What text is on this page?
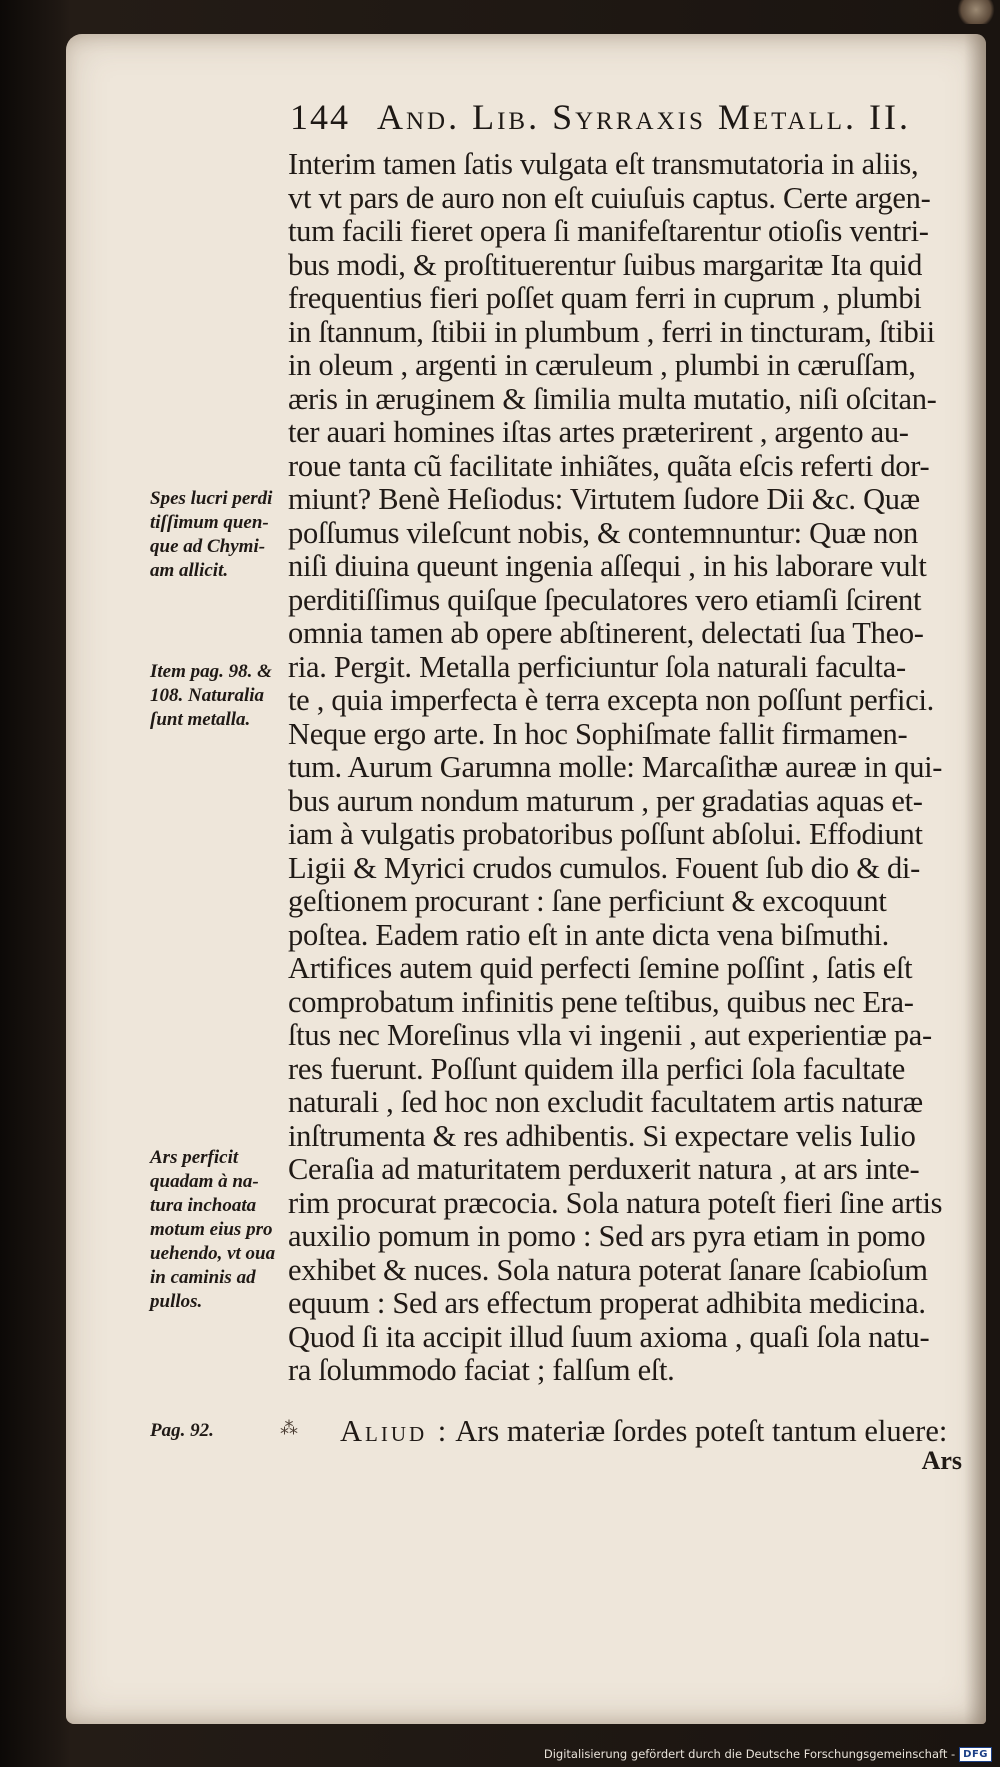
144 And. Lib. Syrraxis Metall. II.
Interim tamen ſatis vulgata eſt transmutatoria in aliis,
vt vt pars de auro non eſt cuiuſuis captus. Certe argen-
tum facili fieret opera ſi manifeſtarentur otioſis ventri-
bus modi, & proſtituerentur ſuibus margaritæ Ita quid
frequentius fieri poſſet quam ferri in cuprum , plumbi
in ſtannum, ſtibii in plumbum , ferri in tincturam, ſtibii
in oleum , argenti in cæruleum , plumbi in cæruſſam,
æris in æruginem & ſimilia multa mutatio, niſi oſcitan-
ter auari homines iſtas artes præterirent , argento au-
roue tanta cũ facilitate inhiãtes, quãta eſcis referti dor-
miunt? Benè Heſiodus: Virtutem ſudore Dii &c. Quæ
poſſumus vileſcunt nobis, & contemnuntur: Quæ non
niſi diuina queunt ingenia aſſequi , in his laborare vult
perditiſſimus quiſque ſpeculatores vero etiamſi ſcirent
omnia tamen ab opere abſtinerent, delectati ſua Theo-
ria. Pergit. Metalla perficiuntur ſola naturali faculta-
te , quia imperfecta è terra excepta non poſſunt perfici.
Neque ergo arte. In hoc Sophiſmate fallit firmamen-
tum. Aurum Garumna molle: Marcaſithæ aureæ in qui-
bus aurum nondum maturum , per gradatias aquas et-
iam à vulgatis probatoribus poſſunt abſolui. Effodiunt
Ligii & Myrici crudos cumulos. Fouent ſub dio & di-
geſtionem procurant : ſane perficiunt & excoquunt
poſtea. Eadem ratio eſt in ante dicta vena biſmuthi.
Artifices autem quid perfecti ſemine poſſint , ſatis eſt
comprobatum infinitis pene teſtibus, quibus nec Era-
ſtus nec Moreſinus vlla vi ingenii , aut experientiæ pa-
res fuerunt. Poſſunt quidem illa perfici ſola facultate
naturali , ſed hoc non excludit facultatem artis naturæ
inſtrumenta & res adhibentis. Si expectare velis Iulio
Ceraſia ad maturitatem perduxerit natura , at ars inte-
rim procurat præcocia. Sola natura poteſt fieri ſine artis
auxilio pomum in pomo : Sed ars pyra etiam in pomo
exhibet & nuces. Sola natura poterat ſanare ſcabioſum
equum : Sed ars effectum properat adhibita medicina.
Quod ſi ita accipit illud ſuum axioma , quaſi ſola natu-
ra ſolummodo faciat ; falſum eſt.
Spes lucri perdi
tiſſimum quen-
que ad Chymi-
am allicit.
Item pag. 98. &
108. Naturalia
ſunt metalla.
Ars perficit
quadam à na-
tura inchoata
motum eius pro
uehendo, vt oua
in caminis ad
pullos.
Pag. 92.	⁂ Aliud : Ars materiæ ſordes poteſt tantum eluere:
Ars
Digitalisierung gefördert durch die Deutsche Forschungsgemeinschaft - DFG
